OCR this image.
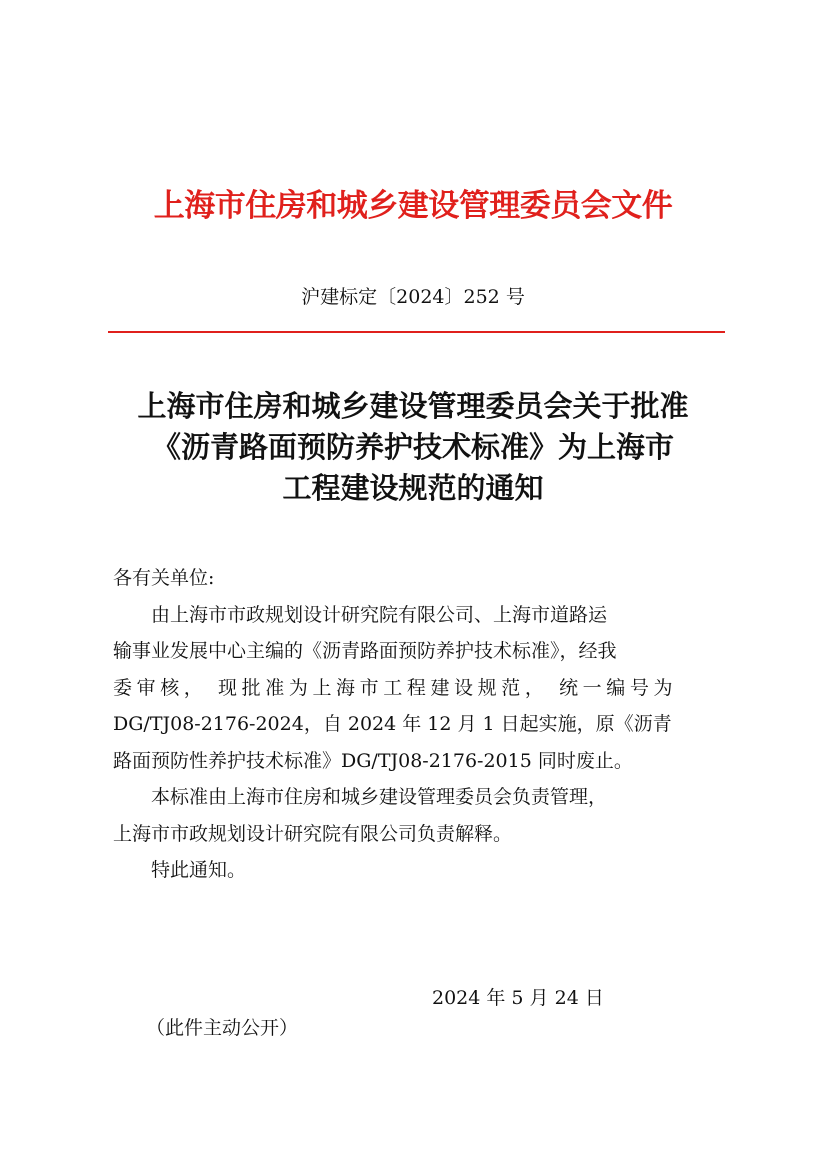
上海市住房和城乡建设管理委员会文件
沪建标定〔2024〕252 号
上海市住房和城乡建设管理委员会关于批准
《沥青路面预防养护技术标准》为上海市
工程建设规范的通知
各有关单位:
由上海市市政规划设计研究院有限公司、上海市道路运
输事业发展中心主编的《沥青路面预防养护技术标准》，经我
委审核， 现批准为上海市工程建设规范， 统一编号为
DG/TJ08-2176-2024，自 2024 年 12 月 1 日起实施，原《沥青
路面预防性养护技术标准》DG/TJ08-2176-2015 同时废止。
本标准由上海市住房和城乡建设管理委员会负责管理，
上海市市政规划设计研究院有限公司负责解释。
特此通知。
2024 年 5 月 24 日
（此件主动公开）
